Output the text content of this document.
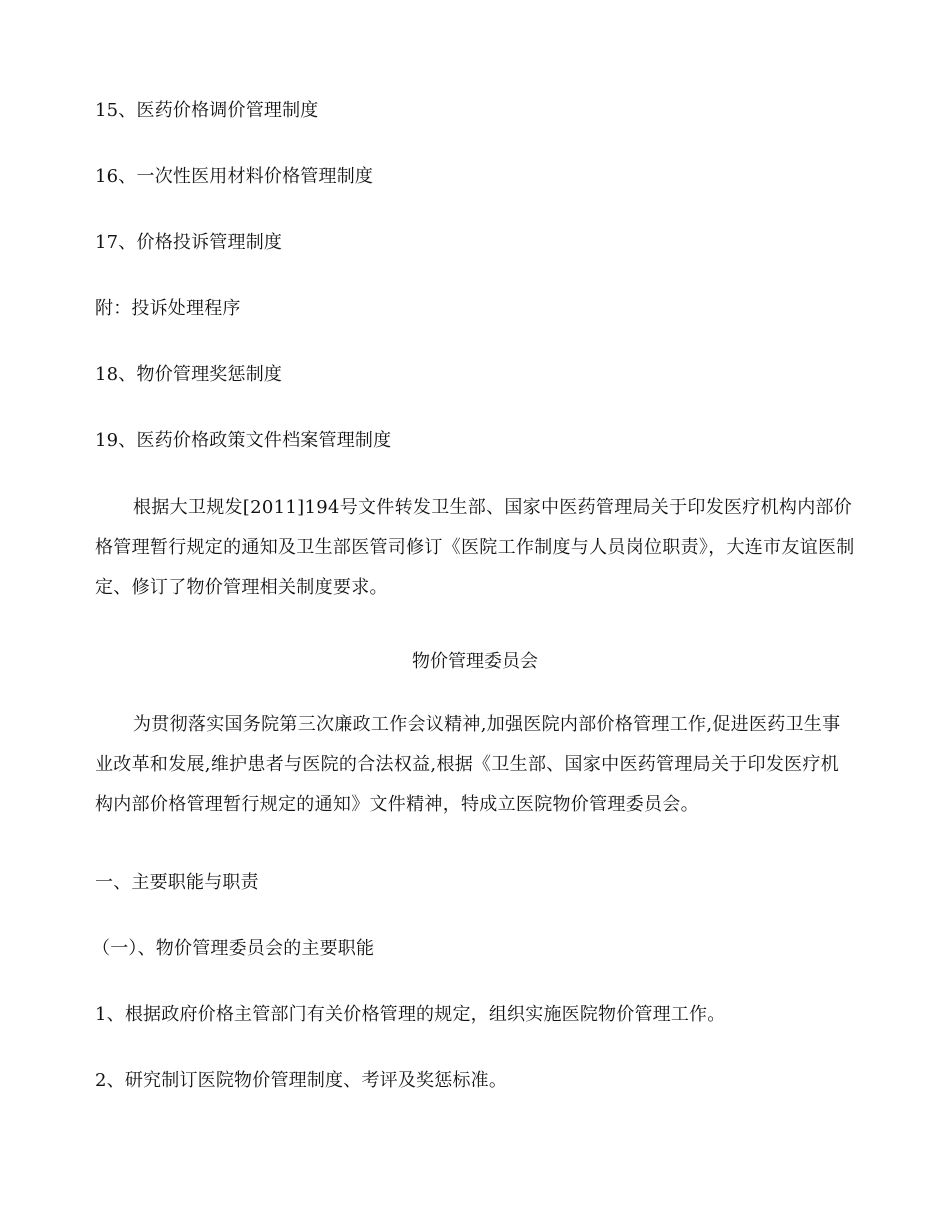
15、医药价格调价管理制度
16、一次性医用材料价格管理制度
17、价格投诉管理制度
附：投诉处理程序
18、物价管理奖惩制度
19、医药价格政策文件档案管理制度
根据大卫规发[2011]194号文件转发卫生部、国家中医药管理局关于印发医疗机构内部价格管理暂行规定的通知及卫生部医管司修订《医院工作制度与人员岗位职责》，大连市友谊医制定、修订了物价管理相关制度要求。
物价管理委员会
为贯彻落实国务院第三次廉政工作会议精神,加强医院内部价格管理工作,促进医药卫生事业改革和发展,维护患者与医院的合法权益,根据《卫生部、国家中医药管理局关于印发医疗机构内部价格管理暂行规定的通知》文件精神，特成立医院物价管理委员会。
一、主要职能与职责
（一）、物价管理委员会的主要职能
1、根据政府价格主管部门有关价格管理的规定，组织实施医院物价管理工作。
2、研究制订医院物价管理制度、考评及奖惩标准。
